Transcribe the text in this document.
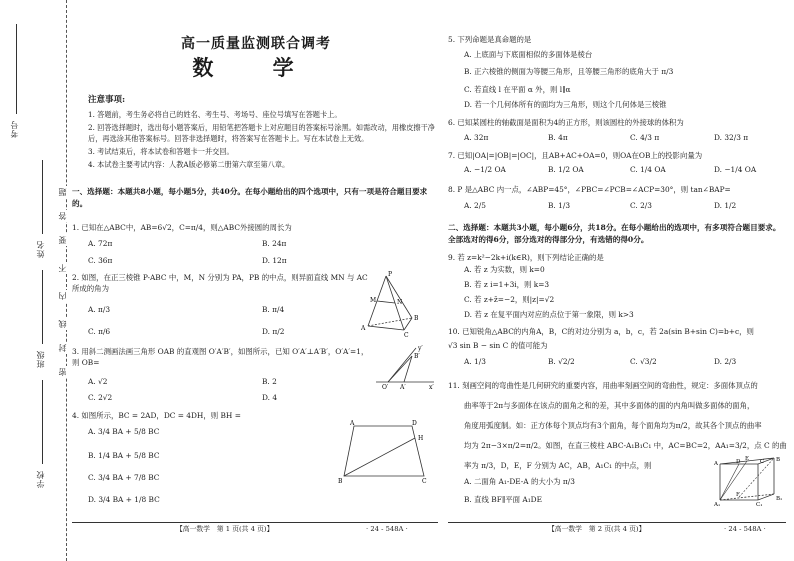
考号
姓名
班级
学校
题
答
要
不
内
线
封
密
高一质量监测联合调考
数 学
注意事项:

1. 答题前，考生务必将自己的姓名、考生号、考场号、座位号填写在答题卡上。

2. 回答选择题时，选出每小题答案后，用铅笔把答题卡上对应题目的答案标号涂黑。如需改动，用橡皮擦干净后，再选涂其他答案标号。回答非选择题时，将答案写在答题卡上。写在本试卷上无效。

3. 考试结束后，将本试卷和答题卡一并交回。

4. 本试卷主要考试内容：人教A版必修第二册第六章至第八章。

一、选择题：本题共8小题，每小题5分，共40分。在每小题给出的四个选项中，只有一项是符合题目要求的。
1. 已知在△ABC中，AB=6√2，C=π/4，则△ABC外接圆的周长为
A. 72π	B. 24π
C. 36π	D. 12π
2. 如图，在正三棱锥 P-ABC 中，M，N 分别为 PA，PB 的中点，则异面直线 MN 与 AC 所成的角为
A. π/3	B. π/4
C. π/6	D. π/2
P
M	N
A
B
C
3. 用斜二测画法画三角形 OAB 的直观图 O′A′B′，如图所示，已知 O′A′⊥A′B′，O′A′=1，则 OB=
A. √2	B. 2
C. 2√2	D. 4
y′
B′
O′ A′	x′
4. 如图所示，BC = 2AD，DC = 4DH，则 BH =
A. 3/4 BA + 5/8 BC
B. 1/4 BA + 5/8 BC
C. 3/4 BA + 7/8 BC
D. 3/4 BA + 1/8 BC
A	D
H
B	C
【高一数学　第 1 页(共 4 页)】	· 24 - 548A ·
5. 下列命题是真命题的是
A. 上底面与下底面相似的多面体是棱台
B. 正六棱锥的侧面为等腰三角形，且等腰三角形的底角大于 π/3
C. 若直线 l 在平面 α 外，则 l∥α
D. 若一个几何体所有的面均为三角形，则这个几何体是三棱锥
6. 已知某圆柱的轴截面是面积为4的正方形，则该圆柱的外接球的体积为
A. 32π	B. 4π	C. 4/3 π	D. 32/3 π
7. 已知|OA|=|OB|=|OC|，且AB+AC+OA=0，则OA在OB上的投影向量为
A. −1/2 OA	B. 1/2 OA	C. 1/4 OA	D. −1/4 OA
8. P 是△ABC 内一点，∠ABP=45°，∠PBC=∠PCB=∠ACP=30°，则 tan∠BAP=
A. 2/5	B. 1/3	C. 2/3	D. 1/2
二、选择题：本题共3小题，每小题6分，共18分。在每小题给出的选项中，有多项符合题目要求。全部选对的得6分，部分选对的得部分分，有选错的得0分。
9. 若 z=k²−2k+i(k∈R)，则下列结论正确的是
A. 若 z 为实数，则 k=0
B. 若 z i=1+3i，则 k=3
C. 若 z+z̄=−2，则|z|=√2
D. 若 z 在复平面内对应的点位于第一象限，则 k>3
10. 已知锐角△ABC的内角A，B，C的对边分别为 a，b，c，若 2a(sin B+sin C)=b+c，则
√3 sin B − sin C 的值可能为
A. 1/3	B. √2/2	C. √3/2	D. 2/3
11. 刻画空间的弯曲性是几何研究的重要内容，用曲率刻画空间的弯曲性，规定：多面体顶点的
曲率等于2π与多面体在该点的面角之和的差，其中多面体的面的内角叫做多面体的面角，
角度用弧度制。如：正方体每个顶点均有3个面角，每个面角均为π/2，故其各个顶点的曲率
均为 2π−3×π/2=π/2。如图，在直三棱柱 ABC-A₁B₁C₁ 中，AC=BC=2，AA₁=3/2，点 C 的曲
率为 π/3，D，E，F 分别为 AC，AB，A₁C₁ 的中点，则
A. 二面角 A₁-DE-A 的大小为 π/3
B. 直线 BF∥平面 A₁DE
A	D E C B
F
A₁	C₁
B₁
【高一数学　第 2 页(共 4 页)】	· 24 - 548A ·
